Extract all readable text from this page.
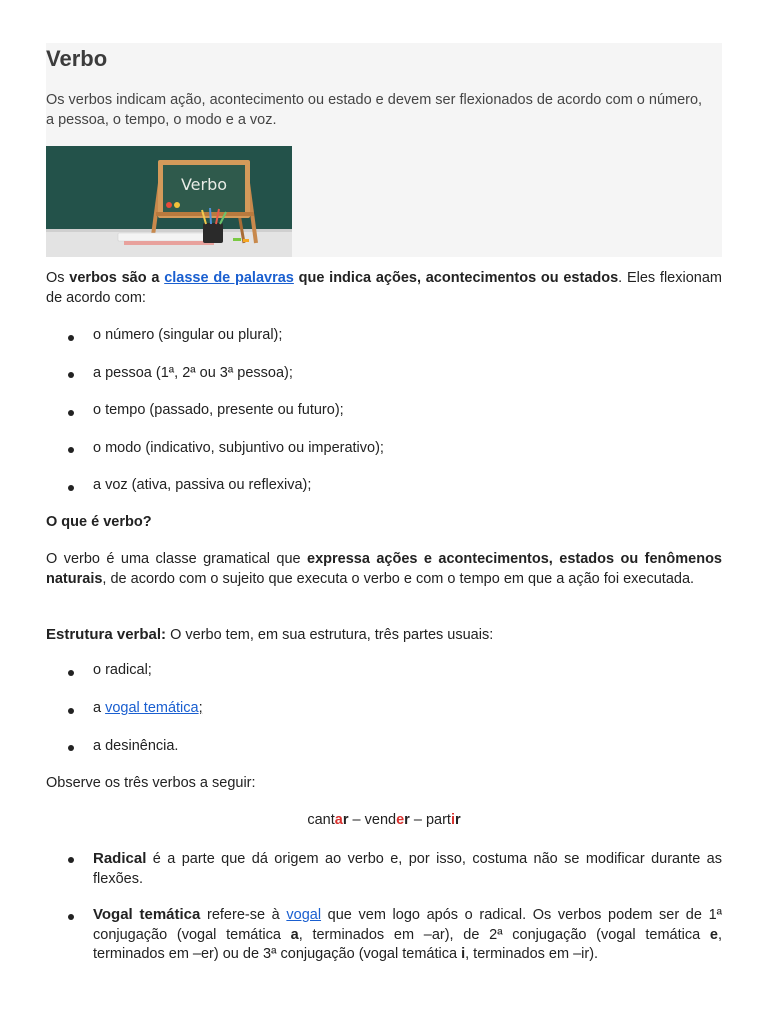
Verbo

Os verbos indicam ação, acontecimento ou estado e devem ser flexionados de acordo com o número, a pessoa, o tempo, o modo e a voz.

Verbo

Os verbos são a classe de palavras que indica ações, acontecimentos ou estados. Eles flexionam de acordo com:

o número (singular ou plural);

a pessoa (1ª, 2ª ou 3ª pessoa);

o tempo (passado, presente ou futuro);

o modo (indicativo, subjuntivo ou imperativo);

a voz (ativa, passiva ou reflexiva);

O que é verbo?

O verbo é uma classe gramatical que expressa ações e acontecimentos, estados ou fenômenos naturais, de acordo com o sujeito que executa o verbo e com o tempo em que a ação foi executada.

Estrutura verbal: O verbo tem, em sua estrutura, três partes usuais:

o radical;

a vogal temática;

a desinência.

Observe os três verbos a seguir:

cantar – vender – partir

Radical é a parte que dá origem ao verbo e, por isso, costuma não se modificar durante as flexões.

Vogal temática refere-se à vogal que vem logo após o radical. Os verbos podem ser de 1ª conjugação (vogal temática a, terminados em –ar), de 2ª conjugação (vogal temática e, terminados em –er) ou de 3ª conjugação (vogal temática i, terminados em –ir).
